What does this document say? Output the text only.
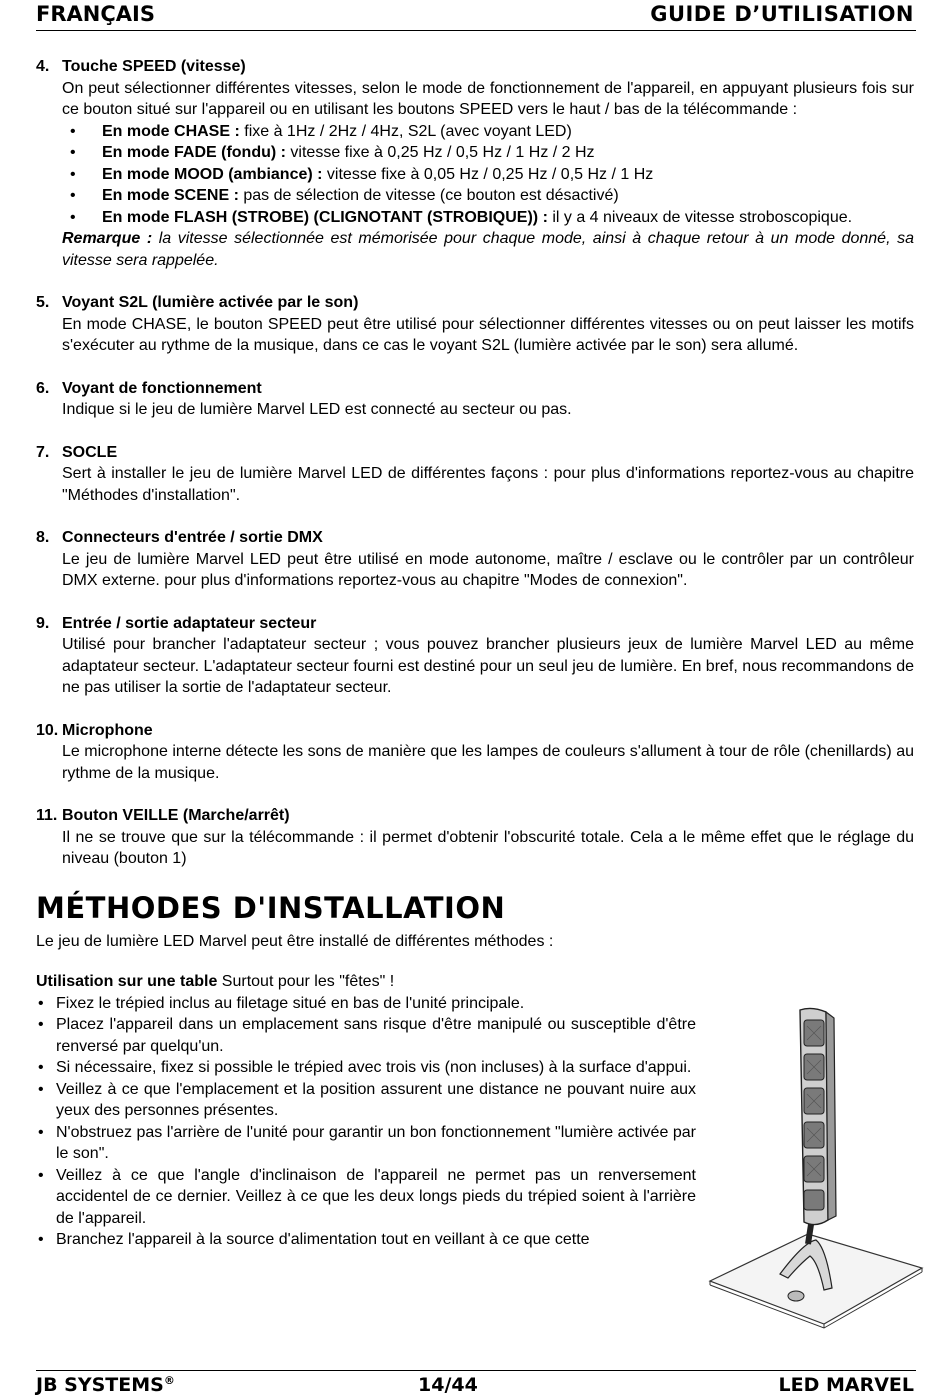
FRANÇAIS	GUIDE D’UTILISATION
4. Touche SPEED (vitesse)

On peut sélectionner différentes vitesses, selon le mode de fonctionnement de l'appareil, en appuyant plusieurs fois sur ce bouton situé sur l'appareil ou en utilisant les boutons SPEED vers le haut / bas de la télécommande :

• En mode CHASE : fixe à 1Hz / 2Hz / 4Hz, S2L (avec voyant LED)
• En mode FADE (fondu) : vitesse fixe à 0,25 Hz / 0,5 Hz / 1 Hz / 2 Hz
• En mode MOOD (ambiance) : vitesse fixe à 0,05 Hz / 0,25 Hz / 0,5 Hz / 1 Hz
• En mode SCENE : pas de sélection de vitesse (ce bouton est désactivé)
• En mode FLASH (STROBE) (CLIGNOTANT (STROBIQUE)) : il y a 4 niveaux de vitesse stroboscopique.
Remarque : la vitesse sélectionnée est mémorisée pour chaque mode, ainsi à chaque retour à un mode donné, sa vitesse sera rappelée.
5. Voyant S2L (lumière activée par le son)

En mode CHASE, le bouton SPEED peut être utilisé pour sélectionner différentes vitesses ou on peut laisser les motifs s'exécuter au rythme de la musique, dans ce cas le voyant S2L (lumière activée par le son) sera allumé.

6. Voyant de fonctionnement

Indique si le jeu de lumière Marvel LED est connecté au secteur ou pas.

7. SOCLE

Sert à installer le jeu de lumière Marvel LED de différentes façons : pour plus d'informations reportez-vous au chapitre "Méthodes d'installation".

8. Connecteurs d'entrée / sortie DMX

Le jeu de lumière Marvel LED peut être utilisé en mode autonome, maître / esclave ou le contrôler par un contrôleur DMX externe. pour plus d'informations reportez-vous au chapitre "Modes de connexion".

9. Entrée / sortie adaptateur secteur

Utilisé pour brancher l'adaptateur secteur ; vous pouvez brancher plusieurs jeux de lumière Marvel LED au même adaptateur secteur. L'adaptateur secteur fourni est destiné pour un seul jeu de lumière. En bref, nous recommandons de ne pas utiliser la sortie de l'adaptateur secteur.

10. Microphone

Le microphone interne détecte les sons de manière que les lampes de couleurs s'allument à tour de rôle (chenillards) au rythme de la musique.

11. Bouton VEILLE (Marche/arrêt)

Il ne se trouve que sur la télécommande : il permet d'obtenir l'obscurité totale. Cela a le même effet que le réglage du niveau (bouton 1)

MÉTHODES D'INSTALLATION

Le jeu de lumière LED Marvel peut être installé de différentes méthodes :

Utilisation sur une table Surtout pour les "fêtes" !

• Fixez le trépied inclus au filetage situé en bas de l'unité principale.
• Placez l'appareil dans un emplacement sans risque d'être manipulé ou susceptible d'être renversé par quelqu'un.
• Si nécessaire, fixez si possible le trépied avec trois vis (non incluses) à la surface d'appui.
• Veillez à ce que l'emplacement et la position assurent une distance ne pouvant nuire aux yeux des personnes présentes.
• N'obstruez pas l'arrière de l'unité pour garantir un bon fonctionnement "lumière activée par le son".
• Veillez à ce que l'angle d'inclinaison de l'appareil ne permet pas un renversement accidentel de ce dernier. Veillez à ce que les deux longs pieds du trépied soient à l'arrière de l'appareil.
• Branchez l'appareil à la source d'alimentation tout en veillant à ce que cette
JB SYSTEMS®	14/44	LED MARVEL
